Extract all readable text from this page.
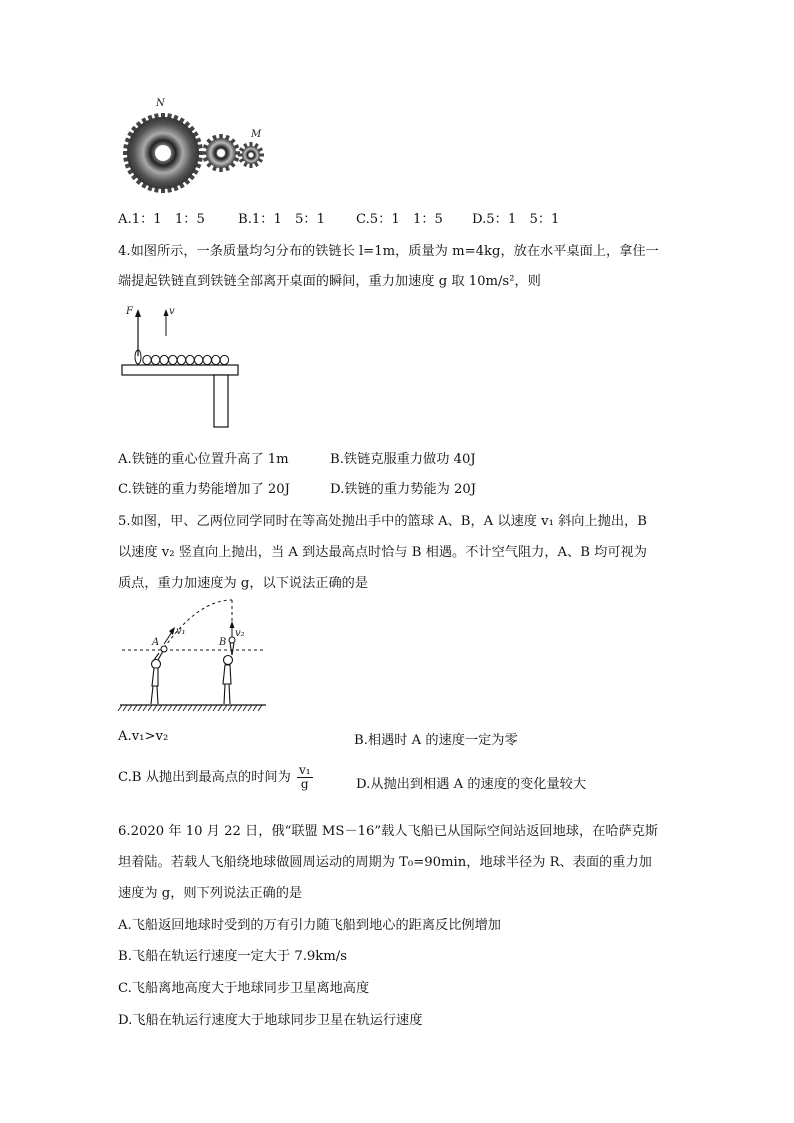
N
M
A.1：1　1：5	B.1：1　5：1 C.5：1　1：5 D.5：1　5：1
4.如图所示，一条质量均匀分布的铁链长 l=1m，质量为 m=4kg，放在水平桌面上，拿住一
端提起铁链直到铁链全部离开桌面的瞬间，重力加速度 g 取 10m/s²，则
F	v
A.铁链的重心位置升高了 1m	B.铁链克服重力做功 40J
C.铁链的重力势能增加了 20J	D.铁链的重力势能为 20J
5.如图，甲、乙两位同学同时在等高处抛出手中的篮球 A、B，A 以速度 v₁ 斜向上抛出，B
以速度 v₂ 竖直向上抛出，当 A 到达最高点时恰与 B 相遇。不计空气阻力，A、B 均可视为
质点，重力加速度为 g，以下说法正确的是
v₁	v₂
A	B
A.v₁>v₂	B.相遇时 A 的速度一定为零
C.B 从抛出到最高点的时间为 $\frac{\text{v₁}}{g}$	D.从抛出到相遇 A 的速度的变化量较大
6.2020 年 10 月 22 日，俄“联盟 MS－16”载人飞船已从国际空间站返回地球，在哈萨克斯
坦着陆。若载人飞船绕地球做圆周运动的周期为 T₀=90min，地球半径为 R、表面的重力加
速度为 g，则下列说法正确的是
A.飞船返回地球时受到的万有引力随飞船到地心的距离反比例增加
B.飞船在轨运行速度一定大于 7.9km/s
C.飞船离地高度大于地球同步卫星离地高度
D.飞船在轨运行速度大于地球同步卫星在轨运行速度
